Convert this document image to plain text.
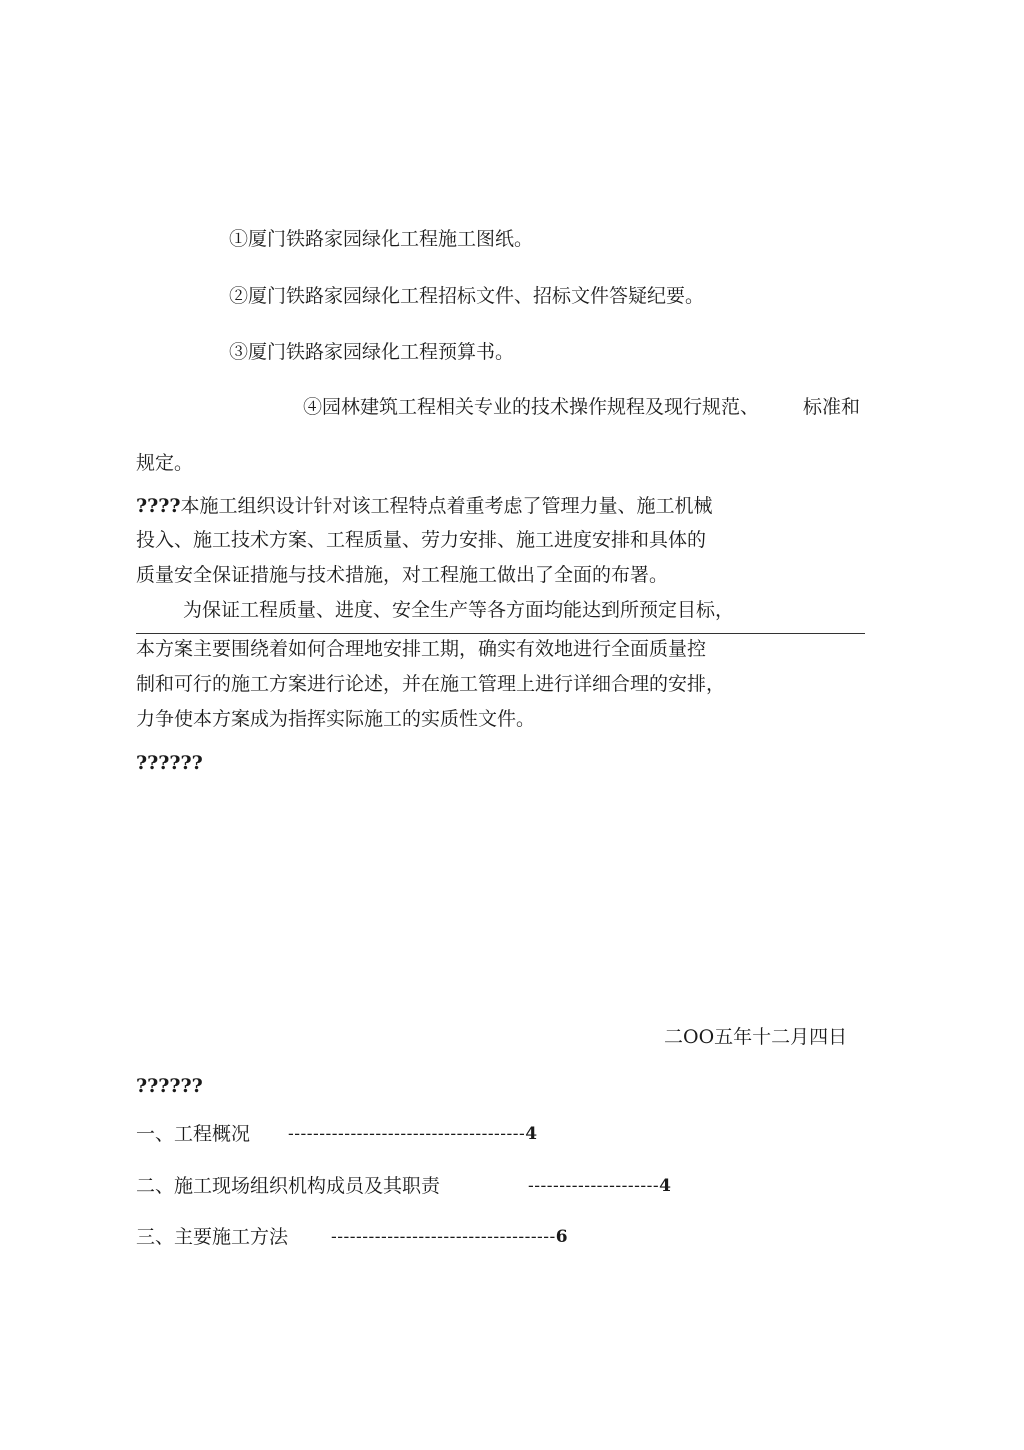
①厦门铁路家园绿化工程施工图纸。
②厦门铁路家园绿化工程招标文件、招标文件答疑纪要。
③厦门铁路家园绿化工程预算书。
④园林建筑工程相关专业的技术操作规程及现行规范、 标准和
规定。
????本施工组织设计针对该工程特点着重考虑了管理力量、施工机械
投入、施工技术方案、工程质量、劳力安排、施工进度安排和具体的
质量安全保证措施与技术措施，对工程施工做出了全面的布署。
为保证工程质量、进度、安全生产等各方面均能达到所预定目标，
本方案主要围绕着如何合理地安排工期，确实有效地进行全面质量控
制和可行的施工方案进行论述，并在施工管理上进行详细合理的安排，
力争使本方案成为指挥实际施工的实质性文件。
??????
二OO五年十二月四日
??????
一、工程概况 --------------------------------------4
二、施工现场组织机构成员及其职责	---------------------4
三、主要施工方法	------------------------------------6
